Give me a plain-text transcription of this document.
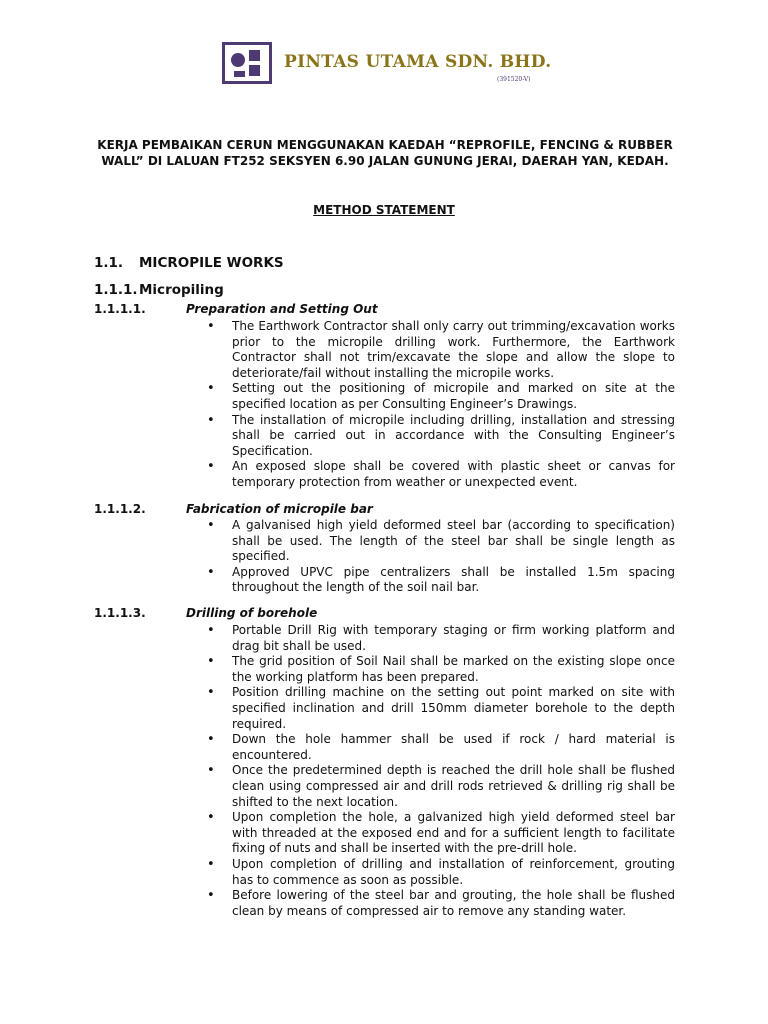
PINTAS UTAMA SDN. BHD.
(391520-V)
KERJA PEMBAIKAN CERUN MENGGUNAKAN KAEDAH “REPROFILE, FENCING & RUBBER WALL” DI LALUAN FT252 SEKSYEN 6.90 JALAN GUNUNG JERAI, DAERAH YAN, KEDAH.
METHOD STATEMENT
1.1. MICROPILE WORKS
1.1.1.Micropiling
1.1.1.1.	Preparation and Setting Out
• The Earthwork Contractor shall only carry out trimming/excavation works prior to the micropile drilling work. Furthermore, the Earthwork Contractor shall not trim/excavate the slope and allow the slope to deteriorate/fail without installing the micropile works.
• Setting out the positioning of micropile and marked on site at the specified location as per Consulting Engineer’s Drawings.
• The installation of micropile including drilling, installation and stressing shall be carried out in accordance with the Consulting Engineer’s Specification.
• An exposed slope shall be covered with plastic sheet or canvas for temporary protection from weather or unexpected event.
1.1.1.2.	Fabrication of micropile bar
• A galvanised high yield deformed steel bar (according to specification) shall be used. The length of the steel bar shall be single length as specified.
• Approved UPVC pipe centralizers shall be installed 1.5m spacing throughout the length of the soil nail bar.
1.1.1.3.	Drilling of borehole
• Portable Drill Rig with temporary staging or firm working platform and drag bit shall be used.
• The grid position of Soil Nail shall be marked on the existing slope once the working platform has been prepared.
• Position drilling machine on the setting out point marked on site with specified inclination and drill 150mm diameter borehole to the depth required.
• Down the hole hammer shall be used if rock / hard material is encountered.
• Once the predetermined depth is reached the drill hole shall be flushed clean using compressed air and drill rods retrieved & drilling rig shall be shifted to the next location.
• Upon completion the hole, a galvanized high yield deformed steel bar with threaded at the exposed end and for a sufficient length to facilitate fixing of nuts and shall be inserted with the pre-drill hole.
• Upon completion of drilling and installation of reinforcement, grouting has to commence as soon as possible.
• Before lowering of the steel bar and grouting, the hole shall be flushed clean by means of compressed air to remove any standing water.
